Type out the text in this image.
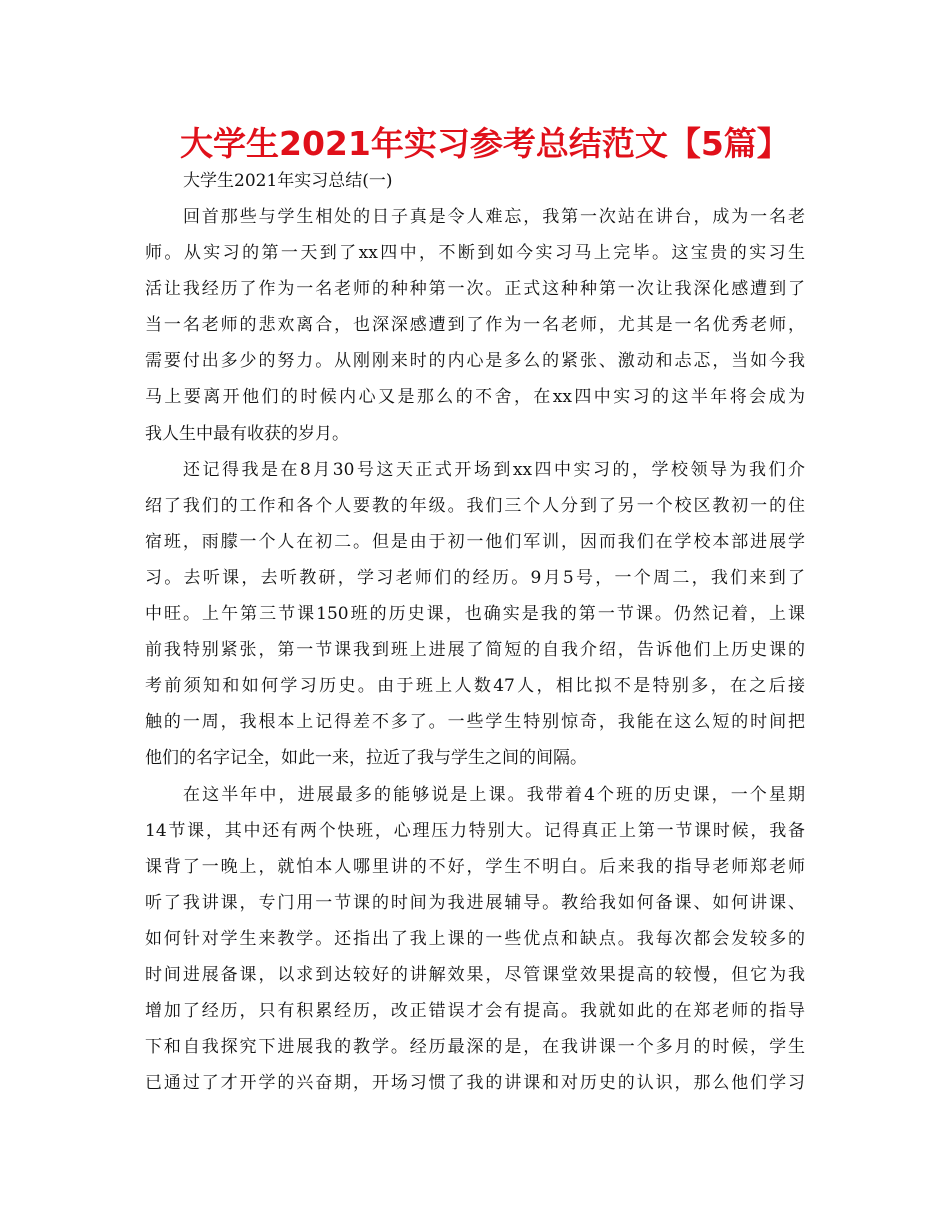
大学生2021年实习参考总结范文【5篇】
大学生2021年实习总结(一)
回首那些与学生相处的日子真是令人难忘，我第一次站在讲台，成为一名老
师。从实习的第一天到了xx四中，不断到如今实习马上完毕。这宝贵的实习生
活让我经历了作为一名老师的种种第一次。正式这种种第一次让我深化感遭到了
当一名老师的悲欢离合，也深深感遭到了作为一名老师，尤其是一名优秀老师，
需要付出多少的努力。从刚刚来时的内心是多么的紧张、激动和忐忑，当如今我
马上要离开他们的时候内心又是那么的不舍，在xx四中实习的这半年将会成为
我人生中最有收获的岁月。
还记得我是在8月30号这天正式开场到xx四中实习的，学校领导为我们介
绍了我们的工作和各个人要教的年级。我们三个人分到了另一个校区教初一的住
宿班，雨朦一个人在初二。但是由于初一他们军训，因而我们在学校本部进展学
习。去听课，去听教研，学习老师们的经历。9月5号，一个周二，我们来到了
中旺。上午第三节课150班的历史课，也确实是我的第一节课。仍然记着，上课
前我特别紧张，第一节课我到班上进展了简短的自我介绍，告诉他们上历史课的
考前须知和如何学习历史。由于班上人数47人，相比拟不是特别多，在之后接
触的一周，我根本上记得差不多了。一些学生特别惊奇，我能在这么短的时间把
他们的名字记全，如此一来，拉近了我与学生之间的间隔。
在这半年中，进展最多的能够说是上课。我带着4个班的历史课，一个星期
14节课，其中还有两个快班，心理压力特别大。记得真正上第一节课时候，我备
课背了一晚上，就怕本人哪里讲的不好，学生不明白。后来我的指导老师郑老师
听了我讲课，专门用一节课的时间为我进展辅导。教给我如何备课、如何讲课、
如何针对学生来教学。还指出了我上课的一些优点和缺点。我每次都会发较多的
时间进展备课，以求到达较好的讲解效果，尽管课堂效果提高的较慢，但它为我
增加了经历，只有积累经历，改正错误才会有提高。我就如此的在郑老师的指导
下和自我探究下进展我的教学。经历最深的是，在我讲课一个多月的时候，学生
已通过了才开学的兴奋期，开场习惯了我的讲课和对历史的认识，那么他们学习
